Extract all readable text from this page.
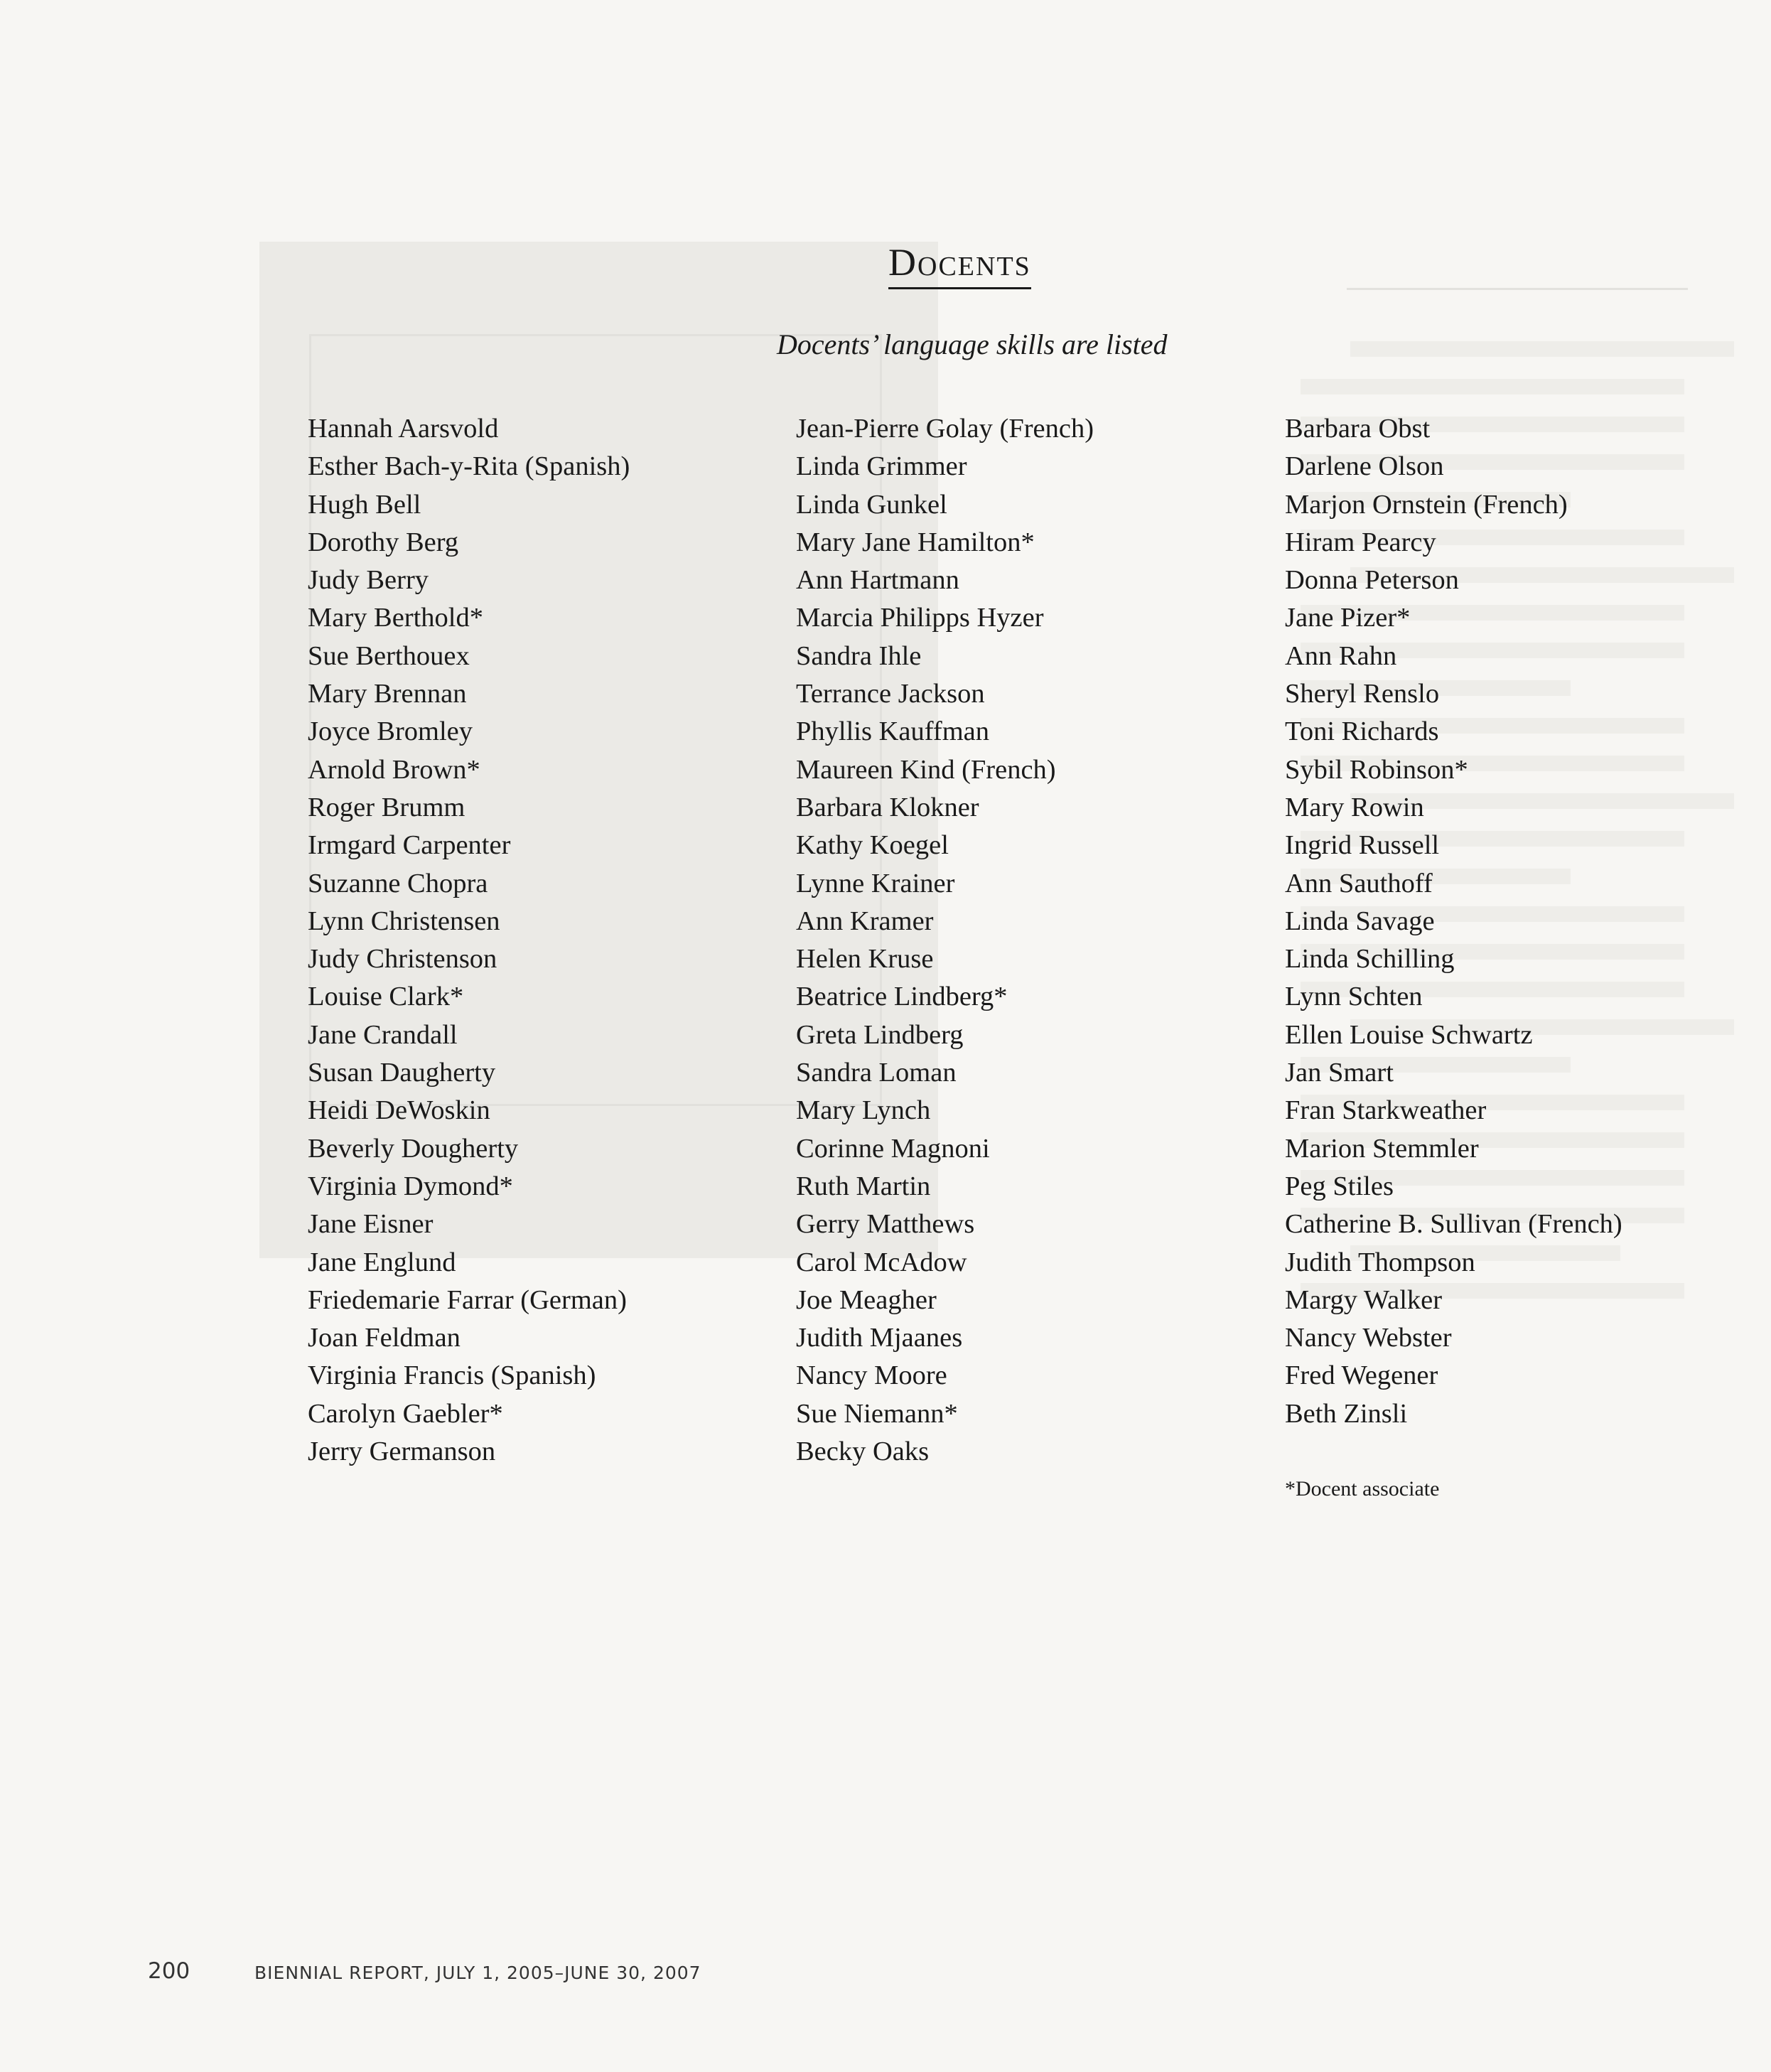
Docents
Docents’ language skills are listed
Hannah Aarsvold
Esther Bach-y-Rita (Spanish)
Hugh Bell
Dorothy Berg
Judy Berry
Mary Berthold*
Sue Berthouex
Mary Brennan
Joyce Bromley
Arnold Brown*
Roger Brumm
Irmgard Carpenter
Suzanne Chopra
Lynn Christensen
Judy Christenson
Louise Clark*
Jane Crandall
Susan Daugherty
Heidi DeWoskin
Beverly Dougherty
Virginia Dymond*
Jane Eisner
Jane Englund
Friedemarie Farrar (German)
Joan Feldman
Virginia Francis (Spanish)
Carolyn Gaebler*
Jerry Germanson
Jean-Pierre Golay (French)
Linda Grimmer
Linda Gunkel
Mary Jane Hamilton*
Ann Hartmann
Marcia Philipps Hyzer
Sandra Ihle
Terrance Jackson
Phyllis Kauffman
Maureen Kind (French)
Barbara Klokner
Kathy Koegel
Lynne Krainer
Ann Kramer
Helen Kruse
Beatrice Lindberg*
Greta Lindberg
Sandra Loman
Mary Lynch
Corinne Magnoni
Ruth Martin
Gerry Matthews
Carol McAdow
Joe Meagher
Judith Mjaanes
Nancy Moore
Sue Niemann*
Becky Oaks
Barbara Obst
Darlene Olson
Marjon Ornstein (French)
Hiram Pearcy
Donna Peterson
Jane Pizer*
Ann Rahn
Sheryl Renslo
Toni Richards
Sybil Robinson*
Mary Rowin
Ingrid Russell
Ann Sauthoff
Linda Savage
Linda Schilling
Lynn Schten
Ellen Louise Schwartz
Jan Smart
Fran Starkweather
Marion Stemmler
Peg Stiles
Catherine B. Sullivan (French)
Judith Thompson
Margy Walker
Nancy Webster
Fred Wegener
Beth Zinsli
*Docent associate
200	BIENNIAL REPORT, JULY 1, 2005–JUNE 30, 2007
